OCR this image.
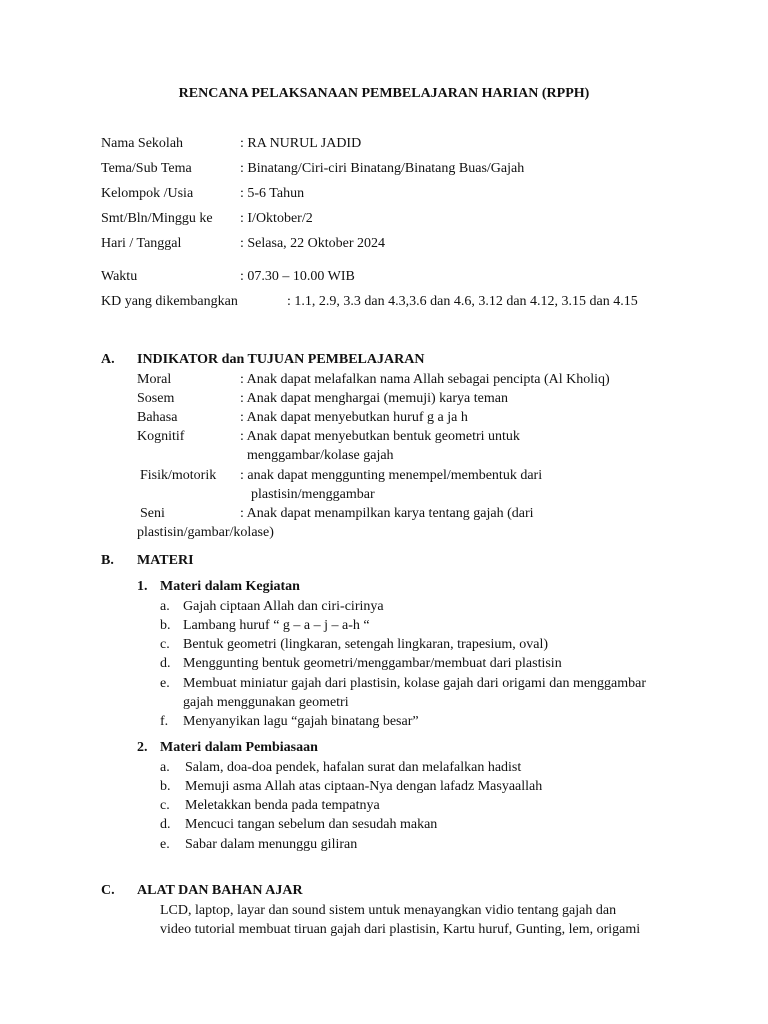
RENCANA PELAKSANAAN PEMBELAJARAN HARIAN (RPPH)
Nama Sekolah	: RA NURUL JADID
Tema/Sub Tema	: Binatang/Ciri-ciri Binatang/Binatang Buas/Gajah
Kelompok /Usia	: 5-6 Tahun
Smt/Bln/Minggu ke : I/Oktober/2
Hari / Tanggal	: Selasa, 22 Oktober 2024
Waktu	: 07.30 – 10.00 WIB
KD yang dikembangkan	: 1.1, 2.9, 3.3 dan 4.3,3.6 dan 4.6, 3.12 dan 4.12, 3.15 dan 4.15
A. INDIKATOR dan TUJUAN PEMBELAJARAN
Moral	: Anak dapat melafalkan nama Allah sebagai pencipta (Al Kholiq)
Sosem	: Anak dapat menghargai (memuji) karya teman
Bahasa	: Anak dapat menyebutkan huruf g a ja h
Kognitif	: Anak dapat menyebutkan bentuk geometri untuk
menggambar/kolase gajah
Fisik/motorik : anak dapat menggunting menempel/membentuk dari
plastisin/menggambar
Seni	: Anak dapat menampilkan karya tentang gajah (dari
plastisin/gambar/kolase)
B. MATERI
1. Materi dalam Kegiatan
a. Gajah ciptaan Allah dan ciri-cirinya
b. Lambang huruf “ g – a – j – a-h “
c. Bentuk geometri (lingkaran, setengah lingkaran, trapesium, oval)
d. Menggunting bentuk geometri/menggambar/membuat dari plastisin
e. Membuat miniatur gajah dari plastisin, kolase gajah dari origami dan menggambar
gajah menggunakan geometri
f. Menyanyikan lagu “gajah binatang besar”
2. Materi dalam Pembiasaan
a. Salam, doa-doa pendek, hafalan surat dan melafalkan hadist
b. Memuji asma Allah atas ciptaan-Nya dengan lafadz Masyaallah
c. Meletakkan benda pada tempatnya
d. Mencuci tangan sebelum dan sesudah makan
e. Sabar dalam menunggu giliran
C. ALAT DAN BAHAN AJAR
LCD, laptop, layar dan sound sistem untuk menayangkan vidio tentang gajah dan
video tutorial membuat tiruan gajah dari plastisin, Kartu huruf, Gunting, lem, origami
